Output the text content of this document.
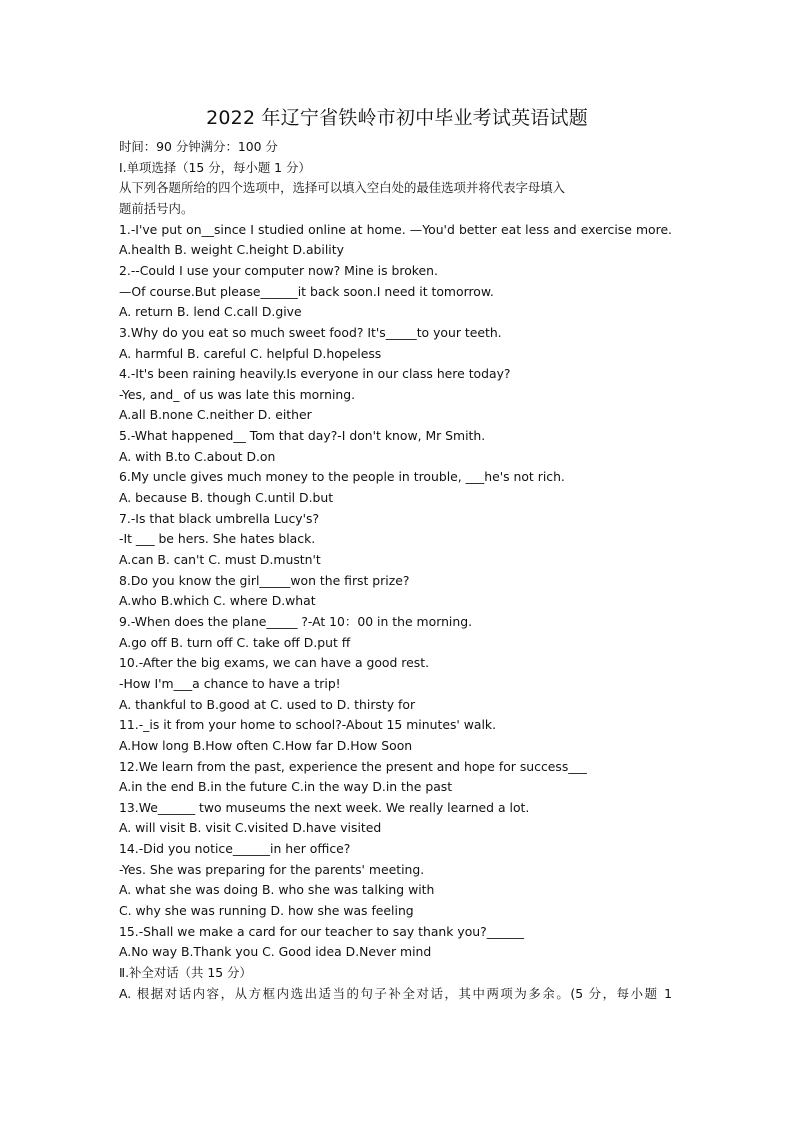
2022 年辽宁省铁岭市初中毕业考试英语试题
时间：90 分钟满分：100 分
I.单项选择（15 分，每小题 1 分）
从下列各题所给的四个选项中，选择可以填入空白处的最佳选项并将代表字母填入
题前括号内。
1.-I've put on__since I studied online at home. —You'd better eat less and exercise more.
A.health B. weight C.height D.ability
2.--Could I use your computer now? Mine is broken.
—Of course.But please______it back soon.I need it tomorrow.
A. return B. lend C.call D.give
3.Why do you eat so much sweet food? It's_____to your teeth.
A. harmful B. careful C. helpful D.hopeless
4.-It's been raining heavily.Is everyone in our class here today?
-Yes, and_ of us was late this morning.
A.all B.none C.neither D. either
5.-What happened__ Tom that day?-I don't know, Mr Smith.
A. with B.to C.about D.on
6.My uncle gives much money to the people in trouble, ___he's not rich.
A. because B. though C.until D.but
7.-Is that black umbrella Lucy's?
-It ___ be hers. She hates black.
A.can B. can't C. must D.mustn't
8.Do you know the girl_____won the first prize?
A.who B.which C. where D.what
9.-When does the plane_____ ?-At 10：00 in the morning.
A.go off B. turn off C. take off D.put ff
10.-After the big exams, we can have a good rest.
-How I'm___a chance to have a trip!
A. thankful to B.good at C. used to D. thirsty for
11.-_is it from your home to school?-About 15 minutes' walk.
A.How long B.How often C.How far D.How Soon
12.We learn from the past, experience the present and hope for success___
A.in the end B.in the future C.in the way D.in the past
13.We______ two museums the next week. We really learned a lot.
A. will visit B. visit C.visited D.have visited
14.-Did you notice______in her office?
-Yes. She was preparing for the parents' meeting.
A. what she was doing B. who she was talking with
C. why she was running D. how she was feeling
15.-Shall we make a card for our teacher to say thank you?______
A.No way B.Thank you C. Good idea D.Never mind
Ⅱ.补全对话（共 15 分）
A. 根据对话内容，从方框内选出适当的句子补全对话，其中两项为多余。(5 分，每小题 1
